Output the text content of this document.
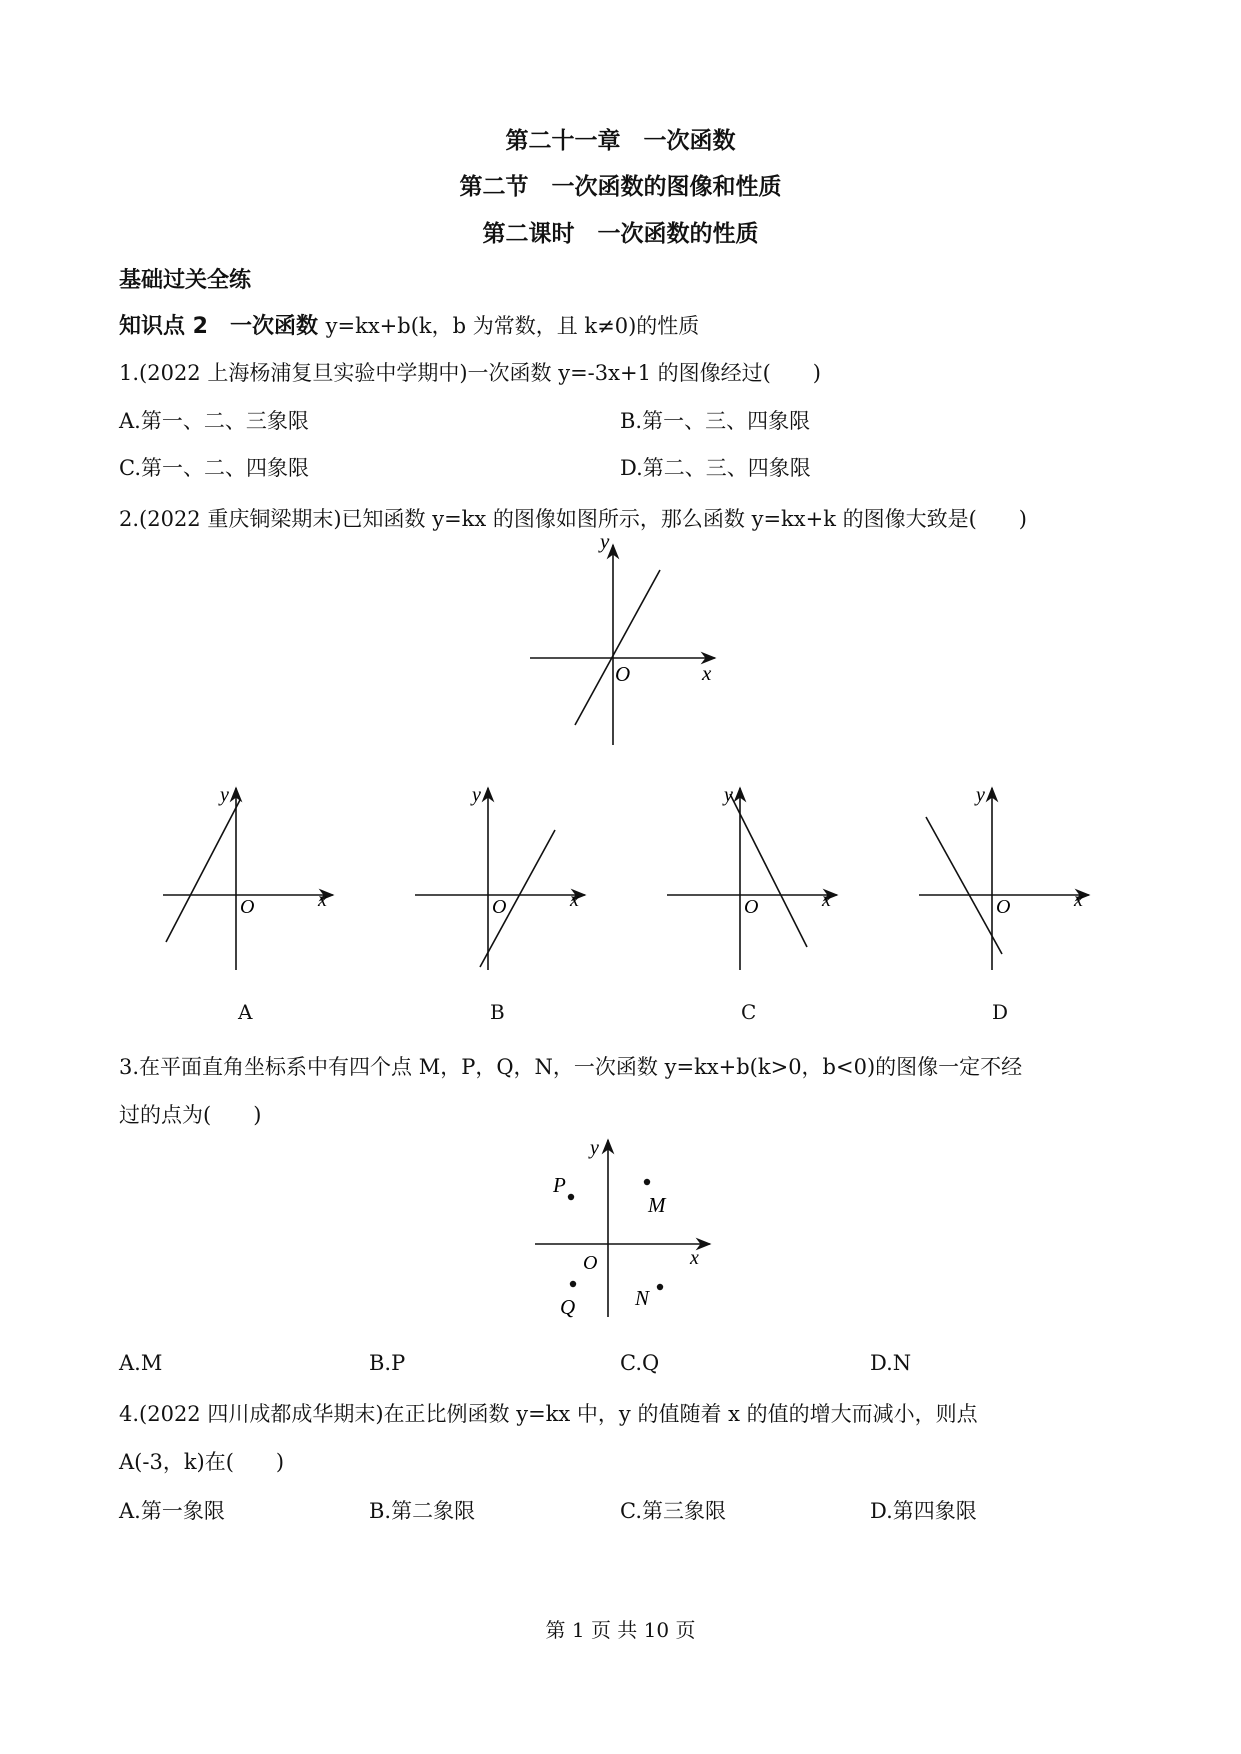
第二十一章　一次函数
第二节　一次函数的图像和性质
第二课时　一次函数的性质
基础过关全练
知识点 2　一次函数 y=kx+b(k，b 为常数，且 k≠0)的性质
1.(2022 上海杨浦复旦实验中学期中)一次函数 y=-3x+1 的图像经过(　　)
A.第一、二、三象限	B.第一、三、四象限
C.第一、二、四象限	D.第二、三、四象限
2.(2022 重庆铜梁期末)已知函数 y=kx 的图像如图所示，那么函数 y=kx+k 的图像大致是(　　)
y
x
O
y
x
O
y
x
O
y
x
O
y
x
O
A	B	C	D
3.在平面直角坐标系中有四个点 M，P，Q，N，一次函数 y=kx+b(k>0，b<0)的图像一定不经
过的点为(　　)
y
x
O
P
M
Q	N
A.M	B.P	C.Q	D.N
4.(2022 四川成都成华期末)在正比例函数 y=kx 中，y 的值随着 x 的值的增大而减小，则点
A(-3，k)在(　　)
A.第一象限	B.第二象限	C.第三象限	D.第四象限
第 1 页 共 10 页
